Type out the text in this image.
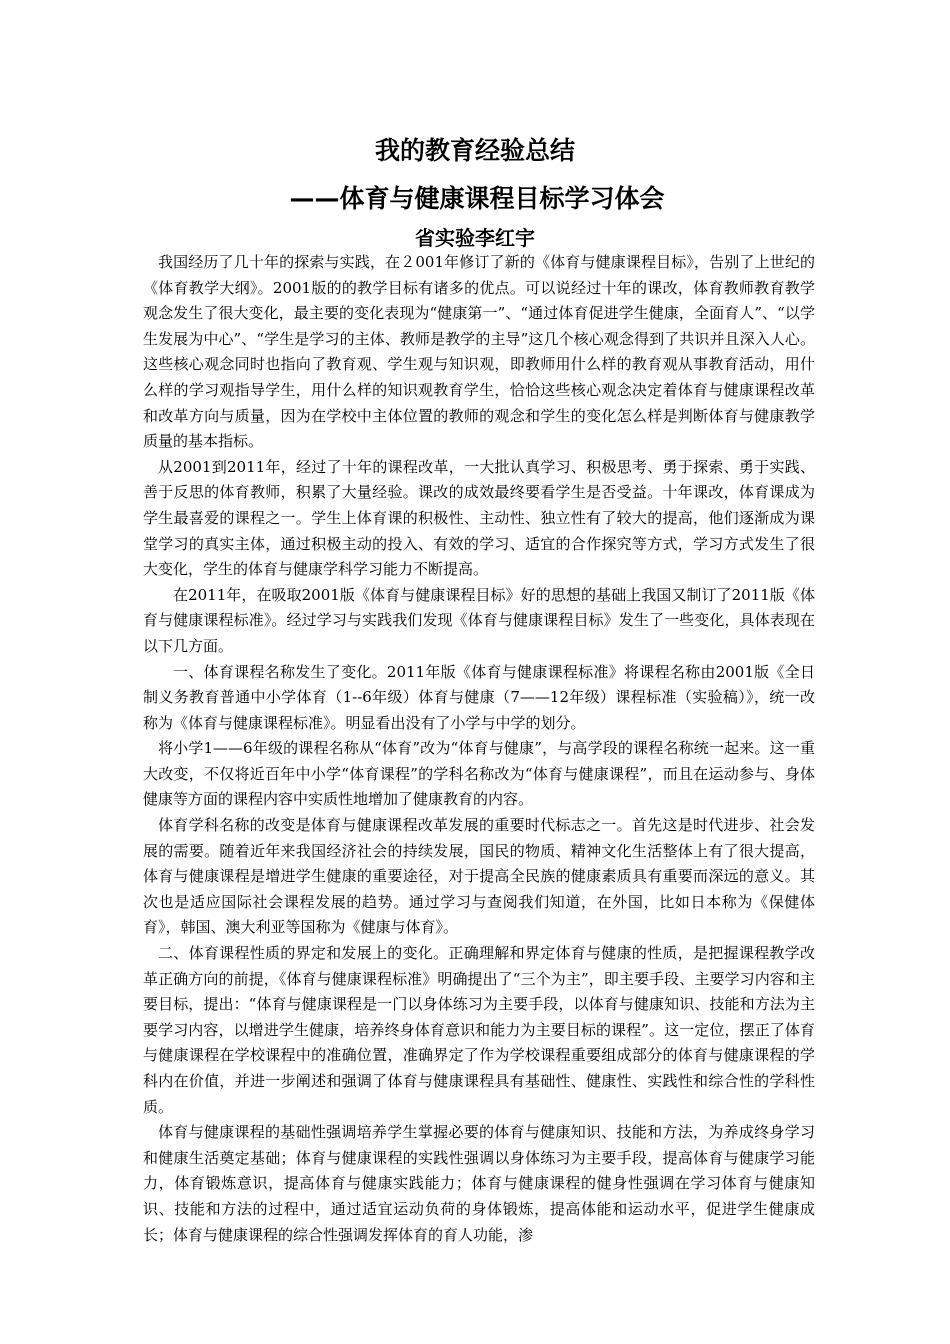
我的教育经验总结
——体育与健康课程目标学习体会
省实验李红宇

我国经历了几十年的探索与实践，在２001年修订了新的《体育与健康课程目标》，告别了上世纪的《体育教学大纲》。2001版的的教学目标有诸多的优点。可以说经过十年的课改，体育教师教育教学观念发生了很大变化，最主要的变化表现为“健康第一”、“通过体育促进学生健康，全面育人”、“以学生发展为中心”、“学生是学习的主体、教师是教学的主导”这几个核心观念得到了共识并且深入人心。这些核心观念同时也指向了教育观、学生观与知识观，即教师用什么样的教育观从事教育活动，用什么样的学习观指导学生，用什么样的知识观教育学生，恰恰这些核心观念决定着体育与健康课程改革和改革方向与质量，因为在学校中主体位置的教师的观念和学生的变化怎么样是判断体育与健康教学质量的基本指标。

从2001到2011年，经过了十年的课程改革，一大批认真学习、积极思考、勇于探索、勇于实践、善于反思的体育教师，积累了大量经验。课改的成效最终要看学生是否受益。十年课改，体育课成为学生最喜爱的课程之一。学生上体育课的积极性、主动性、独立性有了较大的提高，他们逐渐成为课堂学习的真实主体，通过积极主动的投入、有效的学习、适宜的合作探究等方式，学习方式发生了很大变化，学生的体育与健康学科学习能力不断提高。

在2011年，在吸取2001版《体育与健康课程目标》好的思想的基础上我国又制订了2011版《体育与健康课程标准》。经过学习与实践我们发现《体育与健康课程目标》发生了一些变化，具体表现在以下几方面。

一、体育课程名称发生了变化。2011年版《体育与健康课程标准》将课程名称由2001版《全日制义务教育普通中小学体育（1--6年级）体育与健康（7——12年级）课程标准（实验稿）》，统一改称为《体育与健康课程标准》。明显看出没有了小学与中学的划分。

将小学1——6年级的课程名称从“体育”改为“体育与健康”，与高学段的课程名称统一起来。这一重大改变，不仅将近百年中小学“体育课程”的学科名称改为“体育与健康课程”，而且在运动参与、身体健康等方面的课程内容中实质性地增加了健康教育的内容。

体育学科名称的改变是体育与健康课程改革发展的重要时代标志之一。首先这是时代进步、社会发展的需要。随着近年来我国经济社会的持续发展，国民的物质、精神文化生活整体上有了很大提高，体育与健康课程是增进学生健康的重要途径，对于提高全民族的健康素质具有重要而深远的意义。其次也是适应国际社会课程发展的趋势。通过学习与查阅我们知道，在外国，比如日本称为《保健体育》，韩国、澳大利亚等国称为《健康与体育》。

二、体育课程性质的界定和发展上的变化。正确理解和界定体育与健康的性质，是把握课程教学改革正确方向的前提，《体育与健康课程标准》明确提出了“三个为主”，即主要手段、主要学习内容和主要目标，提出：“体育与健康课程是一门以身体练习为主要手段，以体育与健康知识、技能和方法为主要学习内容，以增进学生健康，培养终身体育意识和能力为主要目标的课程”。这一定位，摆正了体育与健康课程在学校课程中的准确位置，准确界定了作为学校课程重要组成部分的体育与健康课程的学科内在价值，并进一步阐述和强调了体育与健康课程具有基础性、健康性、实践性和综合性的学科性质。

体育与健康课程的基础性强调培养学生掌握必要的体育与健康知识、技能和方法，为养成终身学习和健康生活奠定基础；体育与健康课程的实践性强调以身体练习为主要手段，提高体育与健康学习能力，体育锻炼意识，提高体育与健康实践能力；体育与健康课程的健身性强调在学习体育与健康知识、技能和方法的过程中，通过适宜运动负荷的身体锻炼，提高体能和运动水平，促进学生健康成长；体育与健康课程的综合性强调发挥体育的育人功能，渗
